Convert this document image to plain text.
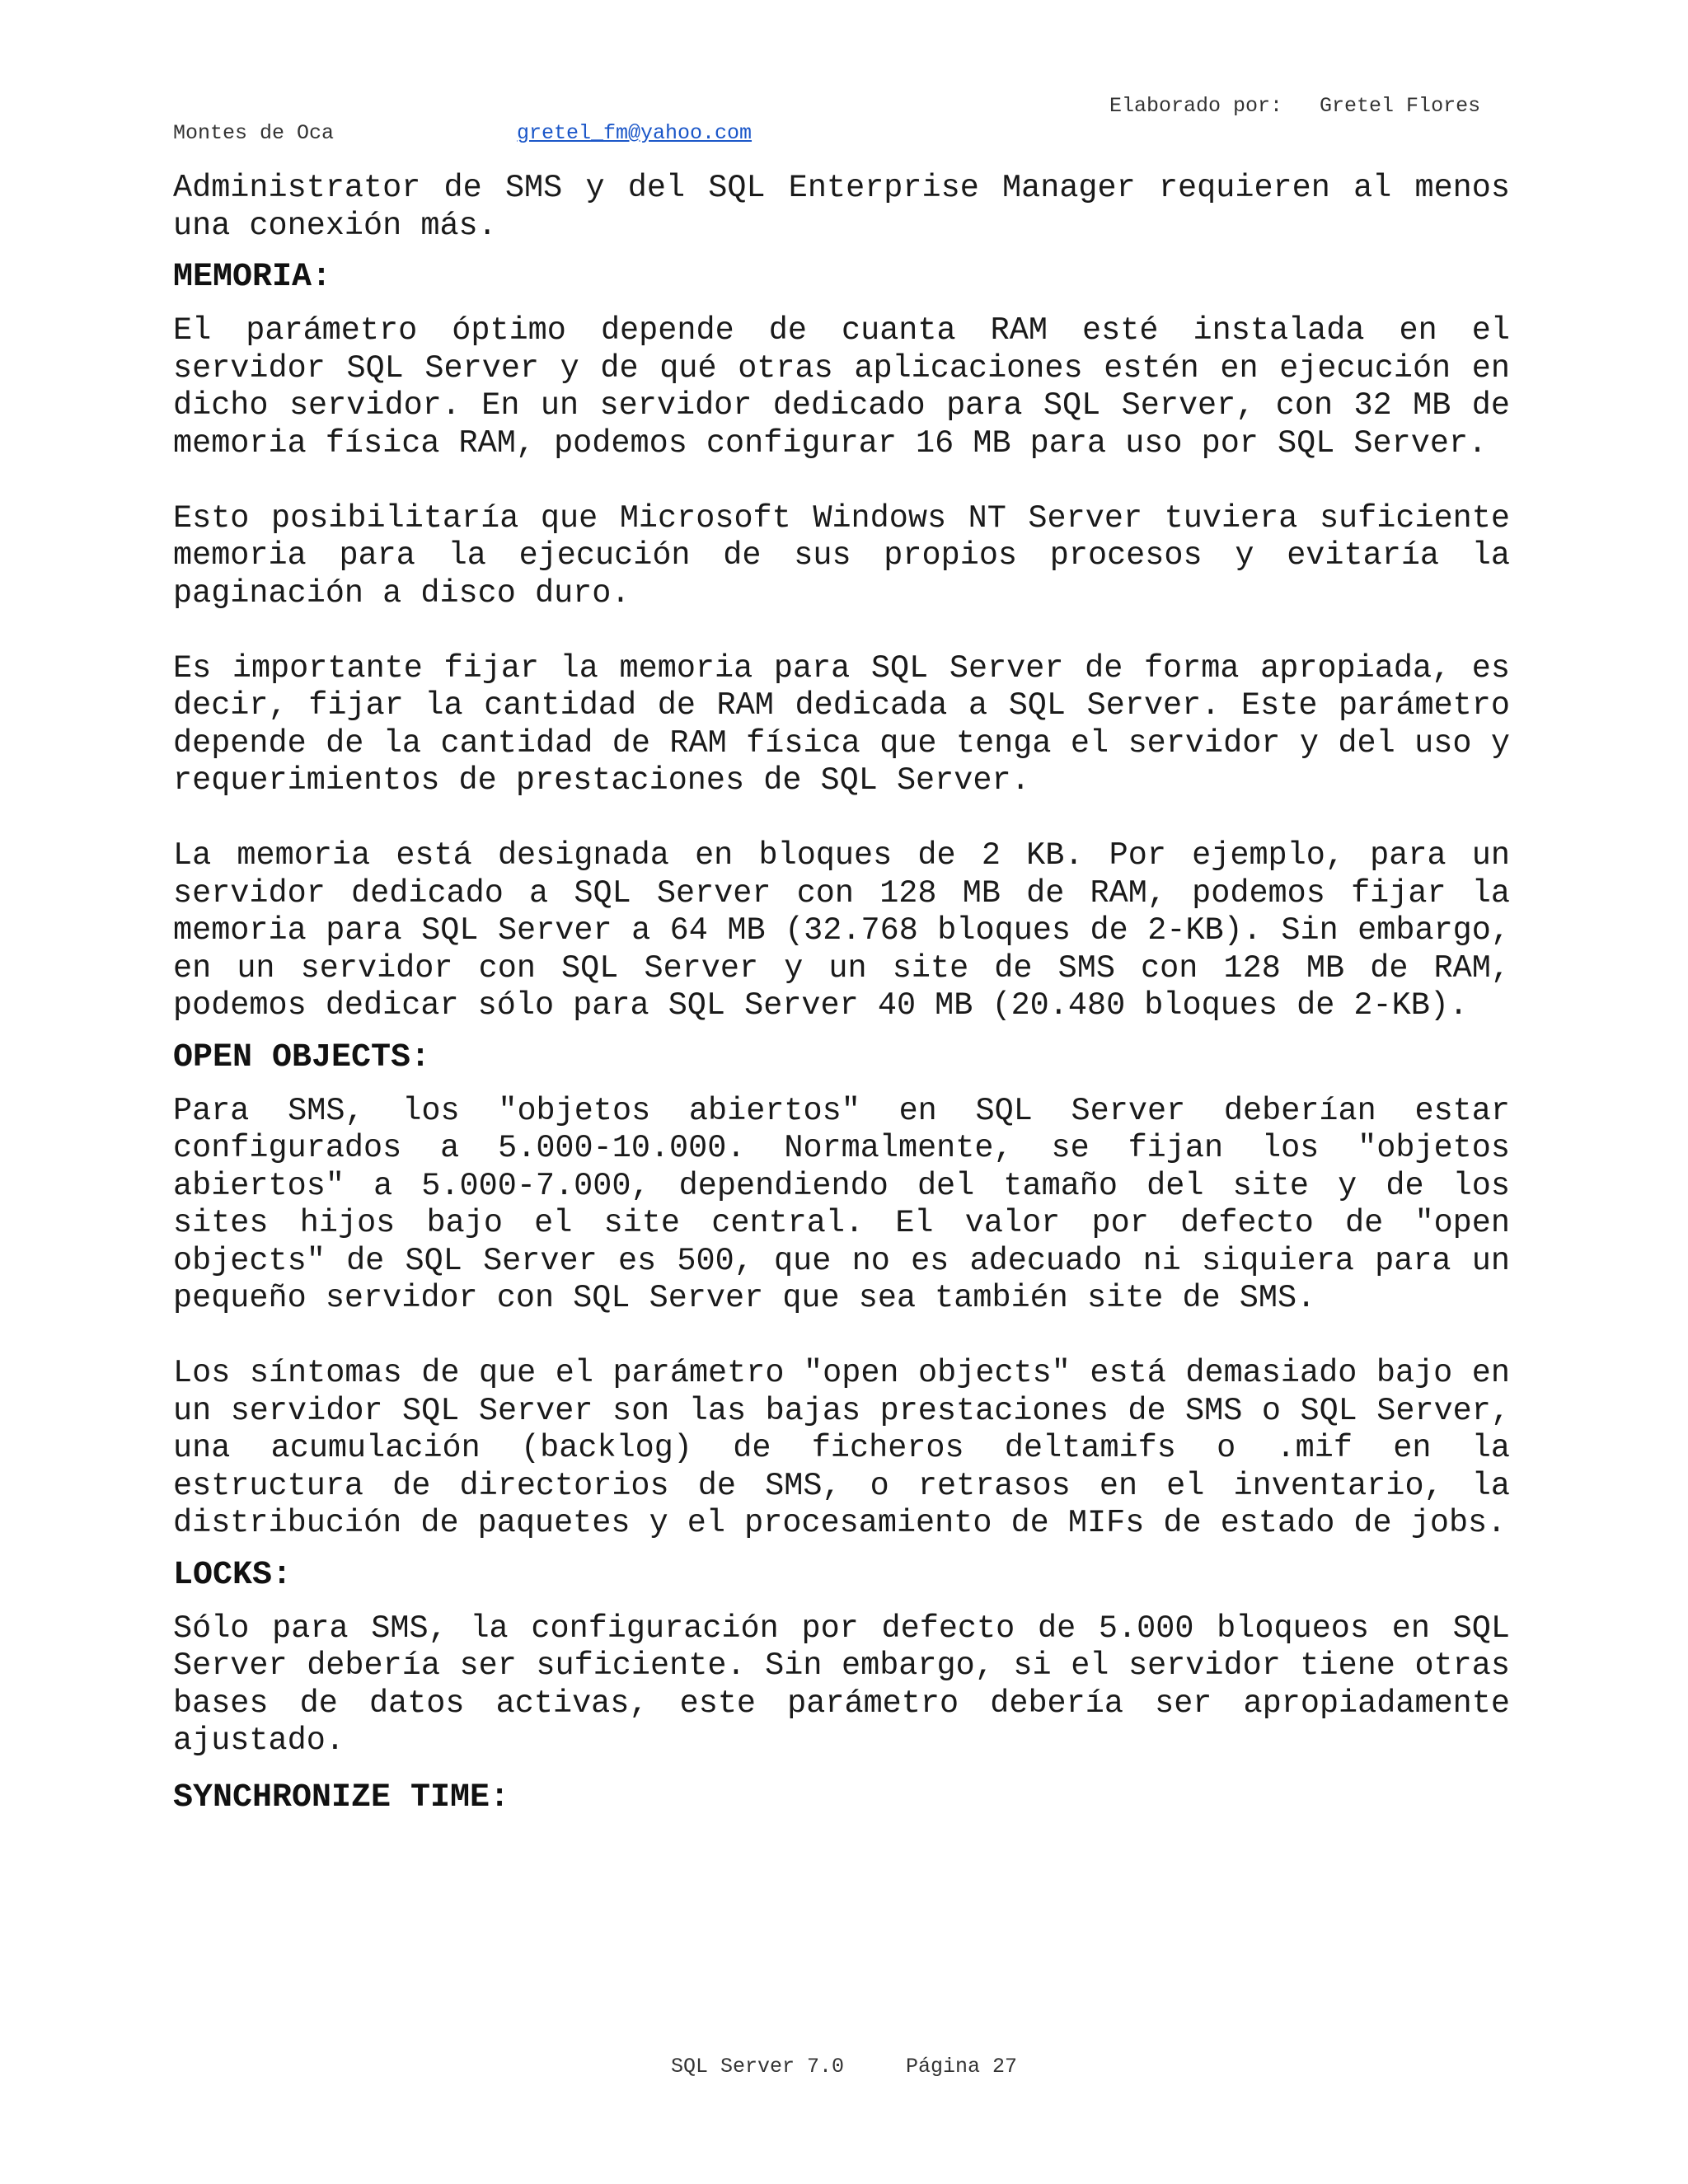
Elaborado por:   Gretel Flores
Montes de Oca	gretel_fm@yahoo.com

Administrator de SMS y del SQL Enterprise Manager requieren al menos una conexión más.

MEMORIA:

El parámetro óptimo depende de cuanta RAM esté instalada en el servidor SQL Server y de qué otras aplicaciones estén en ejecución en dicho servidor. En un servidor dedicado para SQL Server, con 32 MB de memoria física RAM, podemos configurar 16 MB para uso por SQL Server.

Esto posibilitaría que Microsoft Windows NT Server tuviera suficiente memoria para la ejecución de sus propios procesos y evitaría la paginación a disco duro.

Es importante fijar la memoria para SQL Server de forma apropiada, es decir, fijar la cantidad de RAM dedicada a SQL Server. Este parámetro depende de la cantidad de RAM física que tenga el servidor y del uso y requerimientos de prestaciones de SQL Server.

La memoria está designada en bloques de 2 KB. Por ejemplo, para un servidor dedicado a SQL Server con 128 MB de RAM, podemos fijar la memoria para SQL Server a 64 MB (32.768 bloques de 2-KB). Sin embargo, en un servidor con SQL Server y un site de SMS con 128 MB de RAM, podemos dedicar sólo para SQL Server 40 MB (20.480 bloques de 2-KB).

OPEN OBJECTS:

Para SMS, los "objetos abiertos" en SQL Server deberían estar configurados a 5.000-10.000. Normalmente, se fijan los "objetos abiertos" a 5.000-7.000, dependiendo del tamaño del site y de los sites hijos bajo el site central. El valor por defecto de "open objects" de SQL Server es 500, que no es adecuado ni siquiera para un pequeño servidor con SQL Server que sea también site de SMS.

Los síntomas de que el parámetro "open objects" está demasiado bajo en un servidor SQL Server son las bajas prestaciones de SMS o SQL Server, una acumulación (backlog) de ficheros deltamifs o .mif en la estructura de directorios de SMS, o retrasos en el inventario, la distribución de paquetes y el procesamiento de MIFs de estado de jobs.

LOCKS:

Sólo para SMS, la configuración por defecto de 5.000 bloqueos en SQL Server debería ser suficiente. Sin embargo, si el servidor tiene otras bases de datos activas, este parámetro debería ser apropiadamente ajustado.

SYNCHRONIZE TIME:
SQL Server 7.0     Página 27
